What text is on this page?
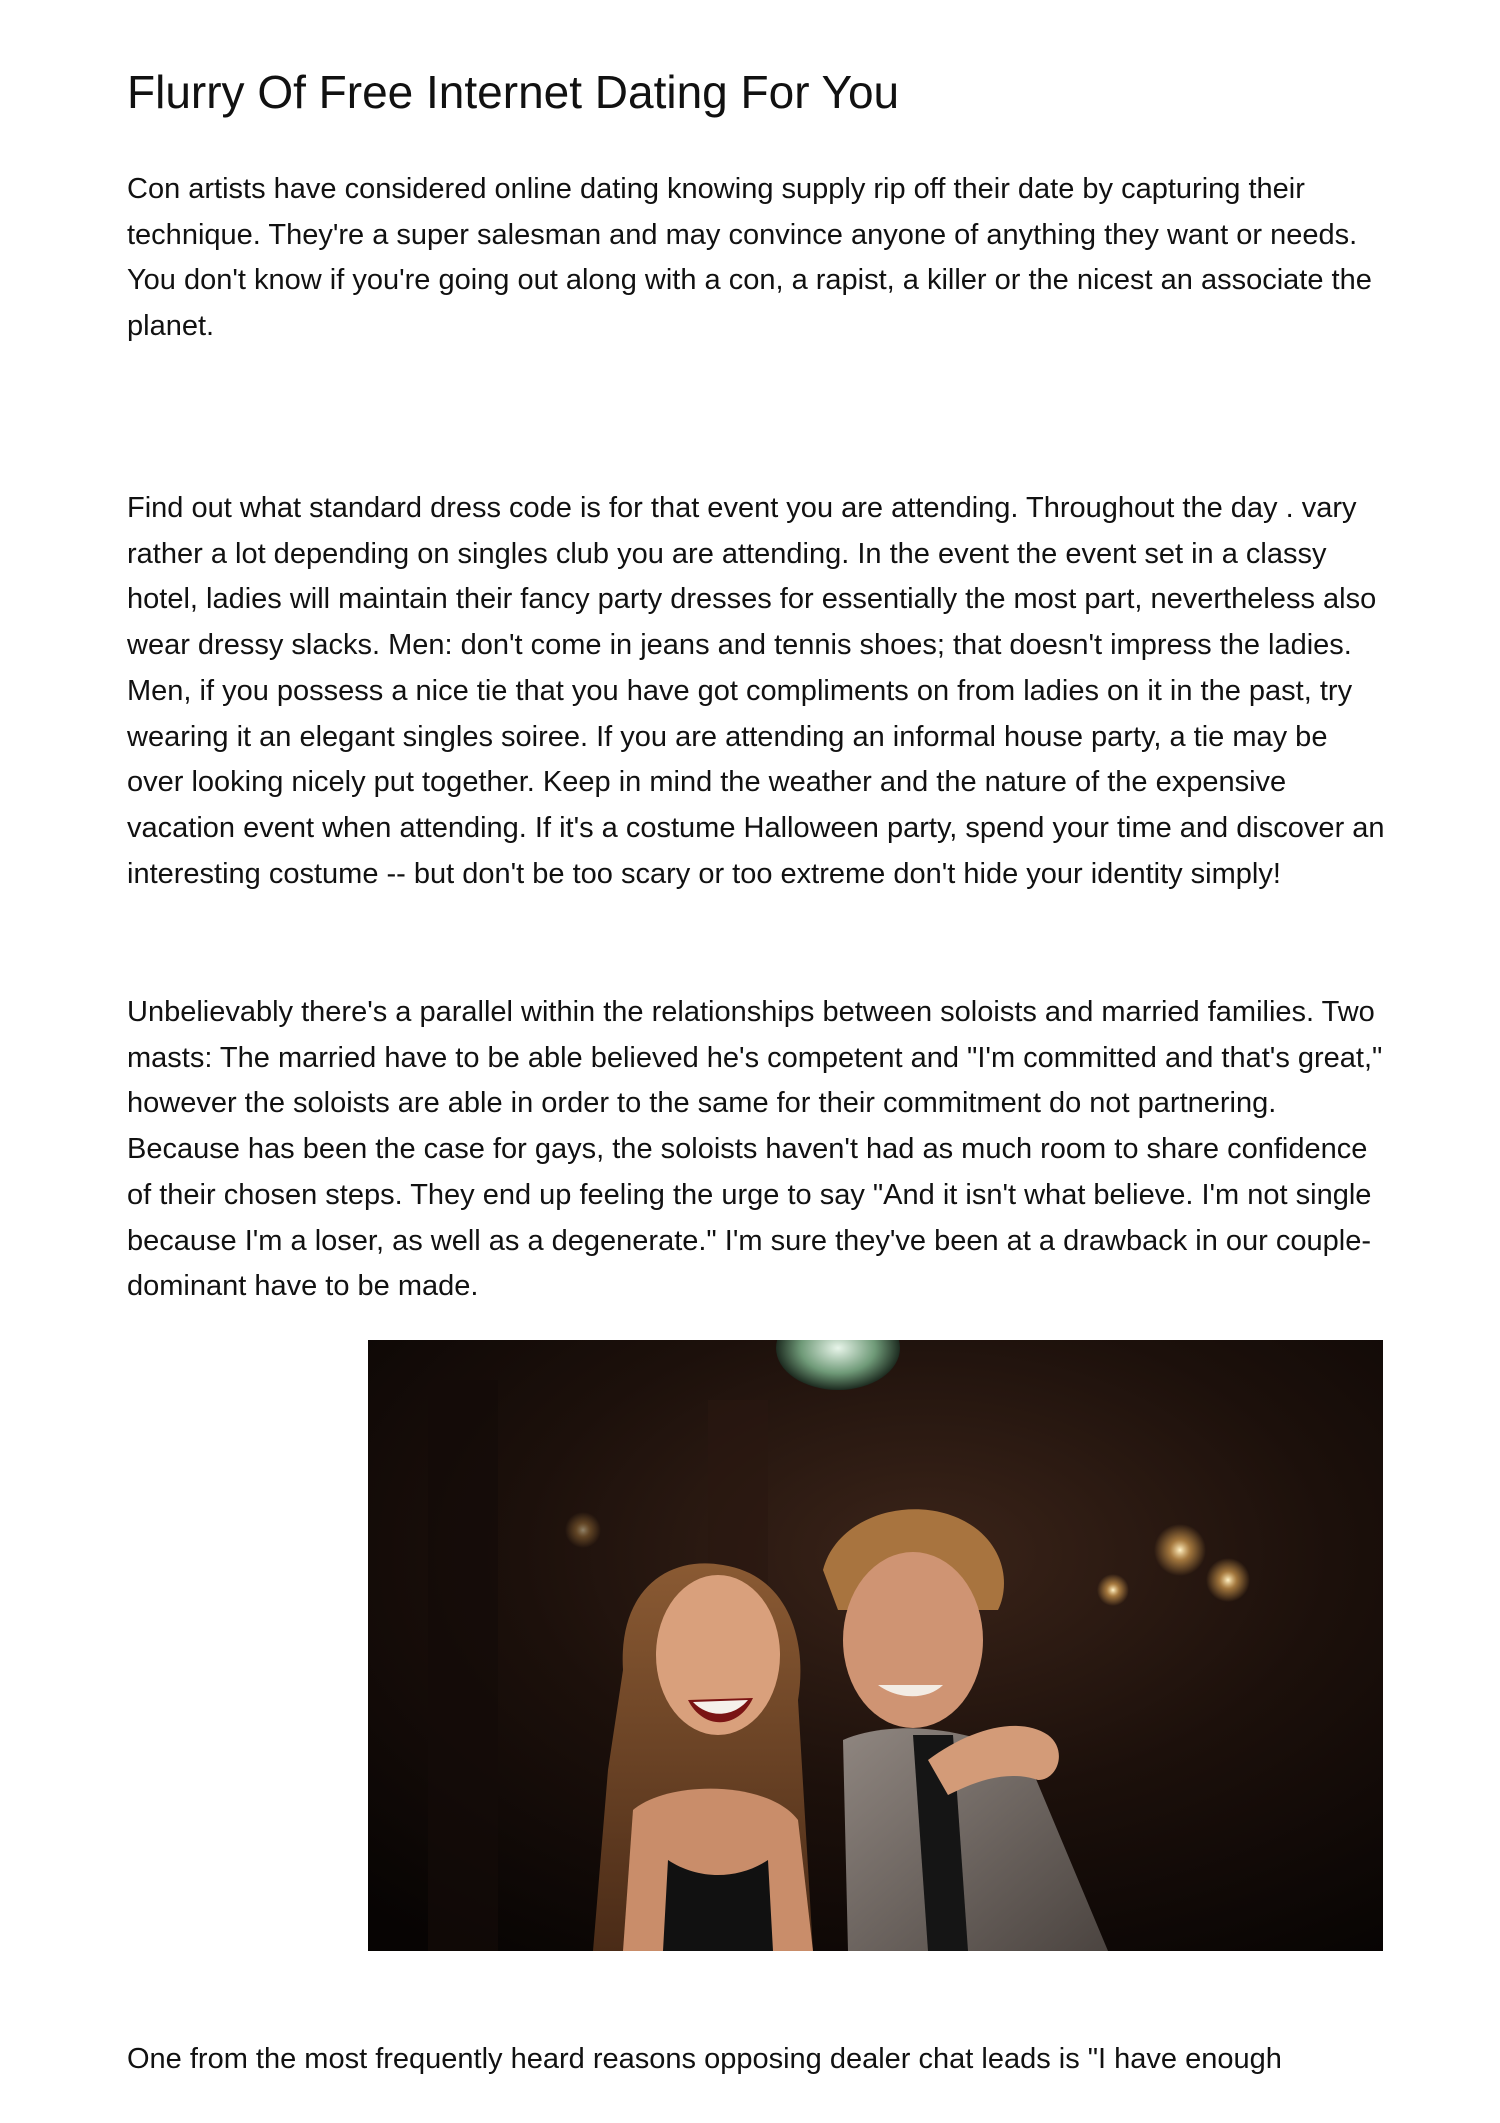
Flurry Of Free Internet Dating For You

Con artists have considered online dating knowing supply rip off their date by capturing their technique. They're a super salesman and may convince anyone of anything they want or needs. You don't know if you're going out along with a con, a rapist, a killer or the nicest an associate the planet.

Find out what standard dress code is for that event you are attending. Throughout the day . vary rather a lot depending on singles club you are attending. In the event the event set in a classy hotel, ladies will maintain their fancy party dresses for essentially the most part, nevertheless also wear dressy slacks. Men: don't come in jeans and tennis shoes; that doesn't impress the ladies. Men, if you possess a nice tie that you have got compliments on from ladies on it in the past, try wearing it an elegant singles soiree. If you are attending an informal house party, a tie may be over looking nicely put together. Keep in mind the weather and the nature of the expensive vacation event when attending. If it's a costume Halloween party, spend your time and discover an interesting costume -- but don't be too scary or too extreme don't hide your identity simply!

Unbelievably there's a parallel within the relationships between soloists and married families. Two masts: The married have to be able believed he's competent and "I'm committed and that's great," however the soloists are able in order to the same for their commitment do not partnering. Because has been the case for gays, the soloists haven't had as much room to share confidence of their chosen steps. They end up feeling the urge to say "And it isn't what believe. I'm not single because I'm a loser, as well as a degenerate." I'm sure they've been at a drawback in our couple-dominant have to be made.

One from the most frequently heard reasons opposing dealer chat leads is "I have enough
